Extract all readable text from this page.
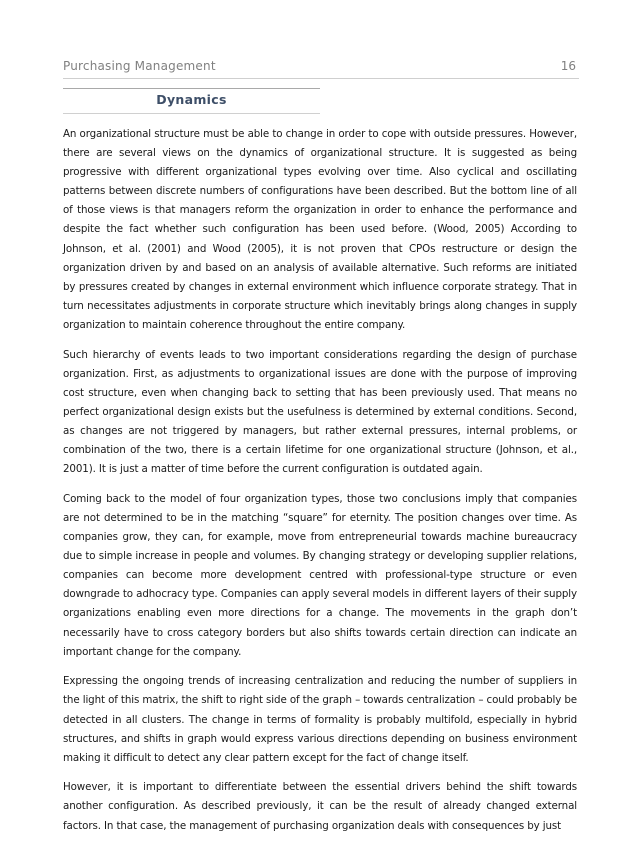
Purchasing Management	16
Dynamics

An organizational structure must be able to change in order to cope with outside pressures. However, there are several views on the dynamics of organizational structure. It is suggested as being progressive with different organizational types evolving over time. Also cyclical and oscillating patterns between discrete numbers of configurations have been described. But the bottom line of all of those views is that managers reform the organization in order to enhance the performance and despite the fact whether such configuration has been used before. (Wood, 2005) According to Johnson, et al. (2001) and Wood (2005), it is not proven that CPOs restructure or design the organization driven by and based on an analysis of available alternative. Such reforms are initiated by pressures created by changes in external environment which influence corporate strategy. That in turn necessitates adjustments in corporate structure which inevitably brings along changes in supply organization to maintain coherence throughout the entire company.

Such hierarchy of events leads to two important considerations regarding the design of purchase organization. First, as adjustments to organizational issues are done with the purpose of improving cost structure, even when changing back to setting that has been previously used. That means no perfect organizational design exists but the usefulness is determined by external conditions. Second, as changes are not triggered by managers, but rather external pressures, internal problems, or combination of the two, there is a certain lifetime for one organizational structure (Johnson, et al., 2001). It is just a matter of time before the current configuration is outdated again.

Coming back to the model of four organization types, those two conclusions imply that companies are not determined to be in the matching “square” for eternity. The position changes over time. As companies grow, they can, for example, move from entrepreneurial towards machine bureaucracy due to simple increase in people and volumes. By changing strategy or developing supplier relations, companies can become more development centred with professional-type structure or even downgrade to adhocracy type. Companies can apply several models in different layers of their supply organizations enabling even more directions for a change. The movements in the graph don’t necessarily have to cross category borders but also shifts towards certain direction can indicate an important change for the company.

Expressing the ongoing trends of increasing centralization and reducing the number of suppliers in the light of this matrix, the shift to right side of the graph – towards centralization – could probably be detected in all clusters. The change in terms of formality is probably multifold, especially in hybrid structures, and shifts in graph would express various directions depending on business environment making it difficult to detect any clear pattern except for the fact of change itself.

However, it is important to differentiate between the essential drivers behind the shift towards another configuration. As described previously, it can be the result of already changed external factors. In that case, the management of purchasing organization deals with consequences by just
